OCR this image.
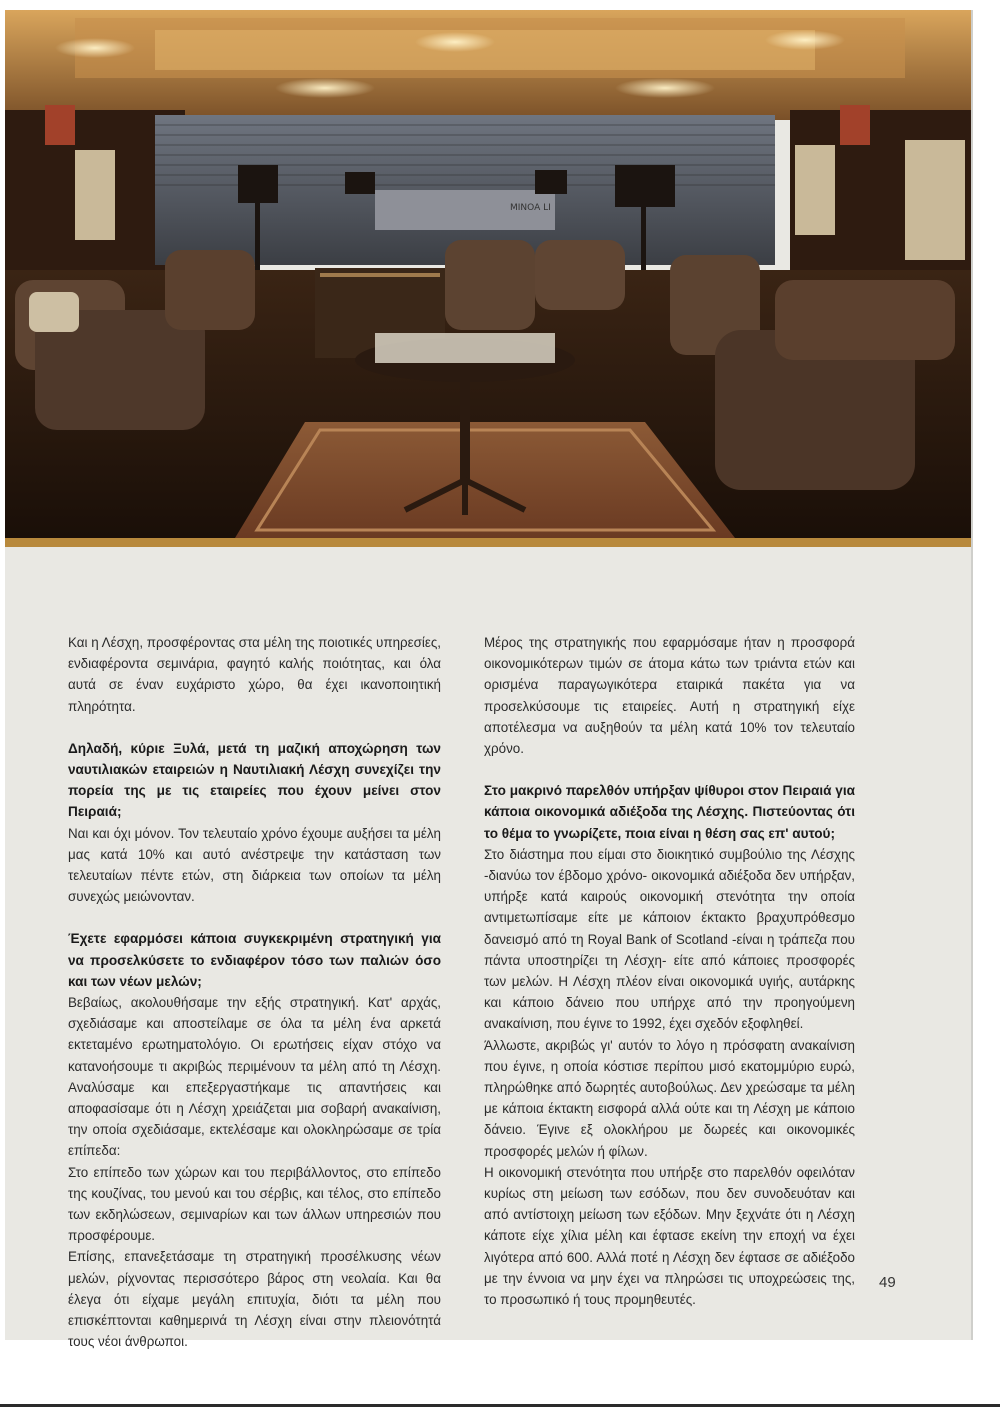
MINOA LI

Και η Λέσχη, προσφέροντας στα μέλη της ποιοτικές υπηρεσίες, ενδιαφέροντα σεμινάρια, φαγητό καλής ποιότητας, και όλα αυτά σε έναν ευχάριστο χώρο, θα έχει ικανοποιητική πληρότητα.

Δηλαδή, κύριε Ξυλά, μετά τη μαζική αποχώρηση των ναυτιλιακών εταιρειών η Ναυτιλιακή Λέσχη συνεχίζει την πορεία της με τις εταιρείες που έχουν μείνει στον Πειραιά;

Ναι και όχι μόνον. Τον τελευταίο χρόνο έχουμε αυξήσει τα μέλη μας κατά 10% και αυτό ανέστρεψε την κατάσταση των τελευταίων πέντε ετών, στη διάρκεια των οποίων τα μέλη συνεχώς μειώνονταν.

Έχετε εφαρμόσει κάποια συγκεκριμένη στρατηγική για να προσελκύσετε το ενδιαφέρον τόσο των παλιών όσο και των νέων μελών;

Βεβαίως, ακολουθήσαμε την εξής στρατηγική. Κατ' αρχάς, σχεδιάσαμε και αποστείλαμε σε όλα τα μέλη ένα αρκετά εκτεταμένο ερωτηματολόγιο. Οι ερωτήσεις είχαν στόχο να κατανοήσουμε τι ακριβώς περιμένουν τα μέλη από τη Λέσχη. Αναλύσαμε και επεξεργαστήκαμε τις απαντήσεις και αποφασίσαμε ότι η Λέσχη χρειάζεται μια σοβαρή ανακαίνιση, την οποία σχεδιάσαμε, εκτελέσαμε και ολοκληρώσαμε σε τρία επίπεδα:

Στο επίπεδο των χώρων και του περιβάλλοντος, στο επίπεδο της κουζίνας, του μενού και του σέρβις, και τέλος, στο επίπεδο των εκδηλώσεων, σεμιναρίων και των άλλων υπηρεσιών που προσφέρουμε.

Επίσης, επανεξετάσαμε τη στρατηγική προσέλκυσης νέων μελών, ρίχνοντας περισσότερο βάρος στη νεολαία. Και θα έλεγα ότι είχαμε μεγάλη επιτυχία, διότι τα μέλη που επισκέπτονται καθημερινά τη Λέσχη είναι στην πλειονότητά τους νέοι άνθρωποι.

Μέρος της στρατηγικής που εφαρμόσαμε ήταν η προσφορά οικονομικότερων τιμών σε άτομα κάτω των τριάντα ετών και ορισμένα παραγωγικότερα εταιρικά πακέτα για να προσελκύσουμε τις εταιρείες. Αυτή η στρατηγική είχε αποτέλεσμα να αυξηθούν τα μέλη κατά 10% τον τελευταίο χρόνο.

Στο μακρινό παρελθόν υπήρξαν ψίθυροι στον Πειραιά για κάποια οικονομικά αδιέξοδα της Λέσχης. Πιστεύοντας ότι το θέμα το γνωρίζετε, ποια είναι η θέση σας επ' αυτού;

Στο διάστημα που είμαι στο διοικητικό συμβούλιο της Λέσχης -διανύω τον έβδομο χρόνο- οικονομικά αδιέξοδα δεν υπήρξαν, υπήρξε κατά καιρούς οικονομική στενότητα την οποία αντιμετωπίσαμε είτε με κάποιον έκτακτο βραχυπρόθεσμο δανεισμό από τη Royal Bank of Scotland -είναι η τράπεζα που πάντα υποστηρίζει τη Λέσχη- είτε από κάποιες προσφορές των μελών. Η Λέσχη πλέον είναι οικονομικά υγιής, αυτάρκης και κάποιο δάνειο που υπήρχε από την προηγούμενη ανακαίνιση, που έγινε το 1992, έχει σχεδόν εξοφληθεί.

Άλλωστε, ακριβώς γι' αυτόν το λόγο η πρόσφατη ανακαίνιση που έγινε, η οποία κόστισε περίπου μισό εκατομμύριο ευρώ, πληρώθηκε από δωρητές αυτοβούλως. Δεν χρεώσαμε τα μέλη με κάποια έκτακτη εισφορά αλλά ούτε και τη Λέσχη με κάποιο δάνειο. Έγινε εξ ολοκλήρου με δωρεές και οικονομικές προσφορές μελών ή φίλων.

Η οικονομική στενότητα που υπήρξε στο παρελθόν οφειλόταν κυρίως στη μείωση των εσόδων, που δεν συνοδευόταν και από αντίστοιχη μείωση των εξόδων. Μην ξεχνάτε ότι η Λέσχη κάποτε είχε χίλια μέλη και έφτασε εκείνη την εποχή να έχει λιγότερα από 600. Αλλά ποτέ η Λέσχη δεν έφτασε σε αδιέξοδο με την έννοια να μην έχει να πληρώσει τις υποχρεώσεις της, το προσωπικό ή τους προμηθευτές.

49
